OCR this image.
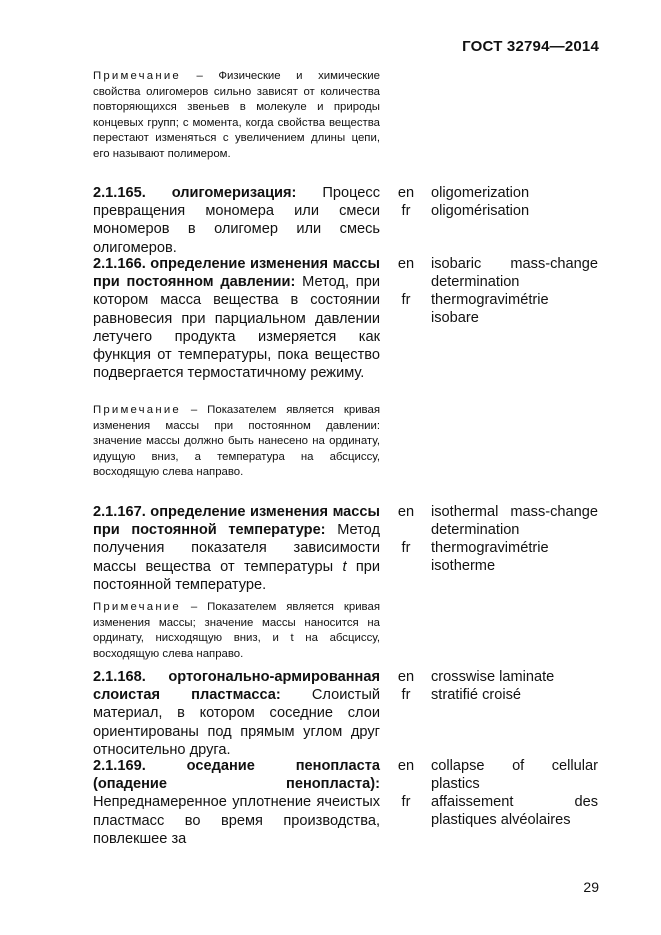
ГОСТ 32794—2014
Примечание – Физические и химические свойства олигомеров сильно зависят от количества повторяющихся звеньев в молекуле и природы концевых групп; с момента, когда свойства вещества перестают изменяться с увеличением длины цепи, его называют полимером.
2.1.165. олигомеризация: Процесс превращения мономера или смеси мономеров в олигомер или смесь олигомеров.
en	oligomerization
fr	oligomérisation
2.1.166. определение изменения массы при постоянном давлении: Метод, при котором масса вещества в состоянии равновесия при парциальном давлении летучего продукта измеряется как функция от температуры, пока вещество подвергается термостатичному режиму.
en	isobaric mass-change determination
fr	thermogravimétrie isobare
Примечание – Показателем является кривая изменения массы при постоянном давлении: значение массы должно быть нанесено на ординату, идущую вниз, а температура на абсциссу, восходящую слева направо.
2.1.167. определение изменения массы при постоянной температуре: Метод получения показателя зависимости массы вещества от температуры t при постоянной температуре.
en	isothermal mass-change determination
fr	thermogravimétrie isotherme
Примечание – Показателем является кривая изменения массы; значение массы наносится на ординату, нисходящую вниз, и t на абсциссу, восходящую слева направо.
2.1.168. ортогонально-армированная слоистая пластмасса: Слоистый материал, в котором соседние слои ориентированы под прямым углом друг относительно друга.
en	crosswise laminate
fr	stratifié croisé
2.1.169.	оседание пенопласта (опадение пенопласта): Непреднамеренное уплотнение ячеистых пластмасс во время производства, повлекшее за
en	collapse of cellular plastics
fr	affaissement des plastiques alvéolaires
29
